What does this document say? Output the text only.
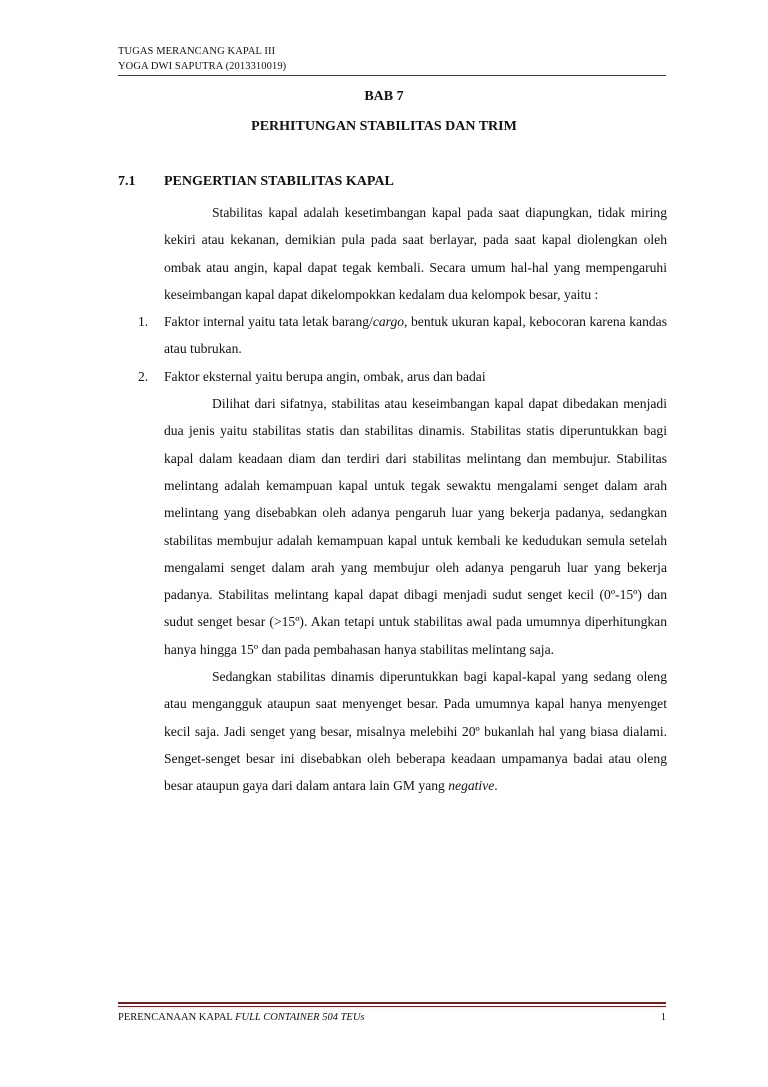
TUGAS MERANCANG KAPAL III
YOGA DWI SAPUTRA (2013310019)
BAB 7
PERHITUNGAN STABILITAS DAN TRIM
7.1 PENGERTIAN STABILITAS KAPAL

Stabilitas kapal adalah kesetimbangan kapal pada saat diapungkan, tidak miring kekiri atau kekanan, demikian pula pada saat berlayar, pada saat kapal diolengkan oleh ombak atau angin, kapal dapat tegak kembali. Secara umum hal-hal yang mempengaruhi keseimbangan kapal dapat dikelompokkan kedalam dua kelompok besar, yaitu :

1. Faktor internal yaitu tata letak barang/cargo, bentuk ukuran kapal, kebocoran karena kandas atau tubrukan.
2. Faktor eksternal yaitu berupa angin, ombak, arus dan badai

Dilihat dari sifatnya, stabilitas atau keseimbangan kapal dapat dibedakan menjadi dua jenis yaitu stabilitas statis dan stabilitas dinamis. Stabilitas statis diperuntukkan bagi kapal dalam keadaan diam dan terdiri dari stabilitas melintang dan membujur. Stabilitas melintang adalah kemampuan kapal untuk tegak sewaktu mengalami senget dalam arah melintang yang disebabkan oleh adanya pengaruh luar yang bekerja padanya, sedangkan stabilitas membujur adalah kemampuan kapal untuk kembali ke kedudukan semula setelah mengalami senget dalam arah yang membujur oleh adanya pengaruh luar yang bekerja padanya. Stabilitas melintang kapal dapat dibagi menjadi sudut senget kecil (0º-15º) dan sudut senget besar (>15º). Akan tetapi untuk stabilitas awal pada umumnya diperhitungkan hanya hingga 15º dan pada pembahasan hanya stabilitas melintang saja.

Sedangkan stabilitas dinamis diperuntukkan bagi kapal-kapal yang sedang oleng atau mengangguk ataupun saat menyenget besar. Pada umumnya kapal hanya menyenget kecil saja. Jadi senget yang besar, misalnya melebihi 20º bukanlah hal yang biasa dialami. Senget-senget besar ini disebabkan oleh beberapa keadaan umpamanya badai atau oleng besar ataupun gaya dari dalam antara lain GM yang negative.

PERENCANAAN KAPAL FULL CONTAINER 504 TEUs	1
